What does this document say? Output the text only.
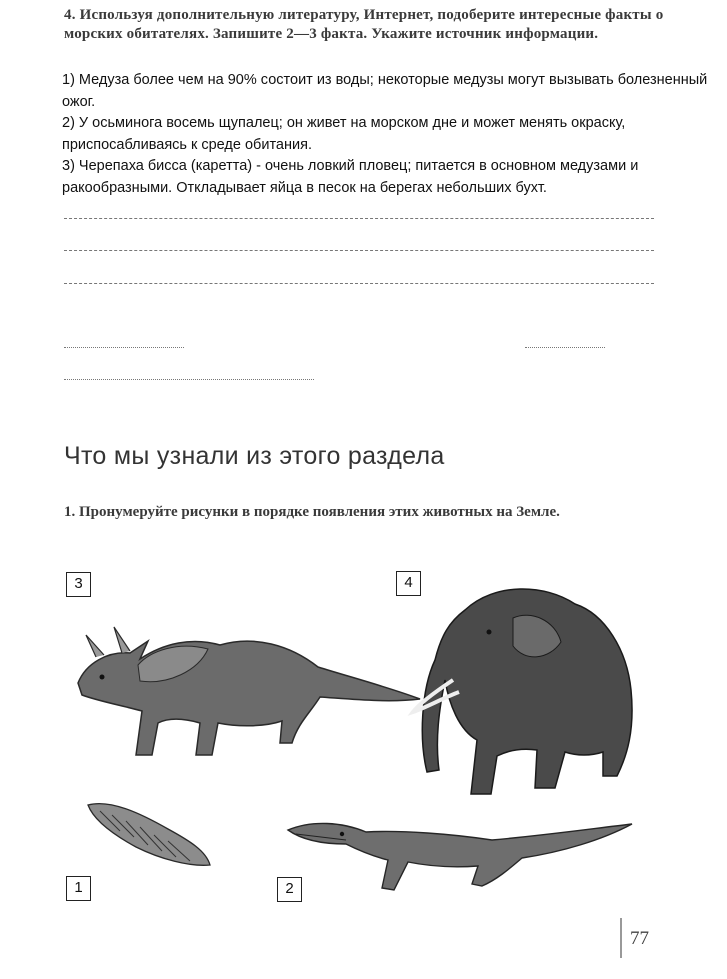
4. Используя дополнительную литературу, Интернет, подоберите интересные факты о морских обитателях. Запишите 2—3 факта. Укажите источник информации.

1) Медуза более чем на 90% состоит из воды; некоторые медузы могут вызывать болезненный ожог.

2) У осьминога восемь щупалец; он живет на морском дне и может менять окраску, приспосабливаясь к среде обитания.

3) Черепаха бисса (каретта) - очень ловкий пловец; питается в основном медузами и ракообразными. Откладывает яйца в песок на берегах небольших бухт.

Что мы узнали из этого раздела
1. Пронумеруйте рисунки в порядке появления этих животных на Земле.
3	4
1	2
77
